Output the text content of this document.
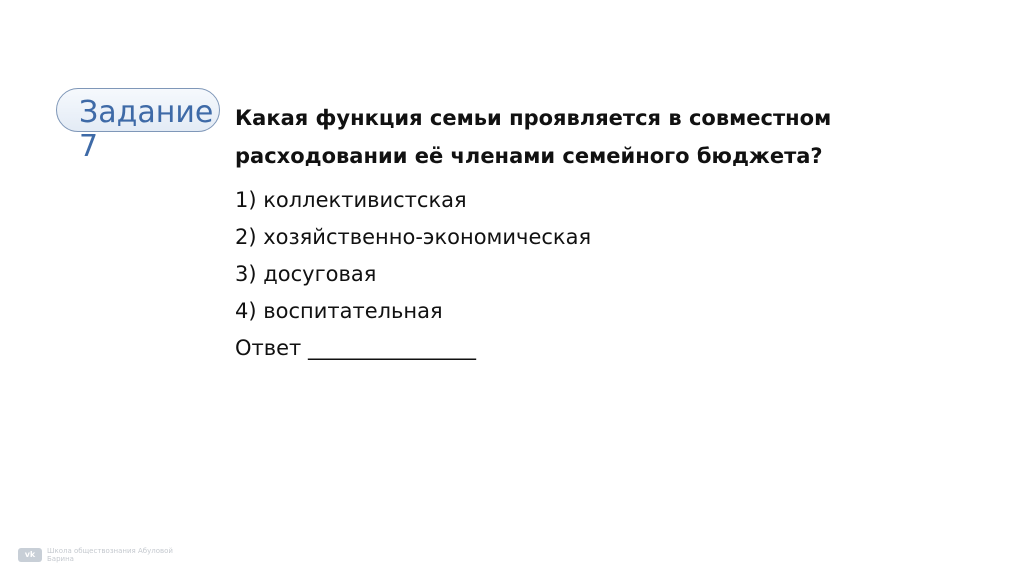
Задание 7
Какая функция семьи проявляется в совместном расходовании её членами семейного бюджета?
1) коллективистская
2) хозяйственно-экономическая
3) досуговая
4) воспитательная
Ответ ________________
vk	Школа обществознания Абуловой Барина
